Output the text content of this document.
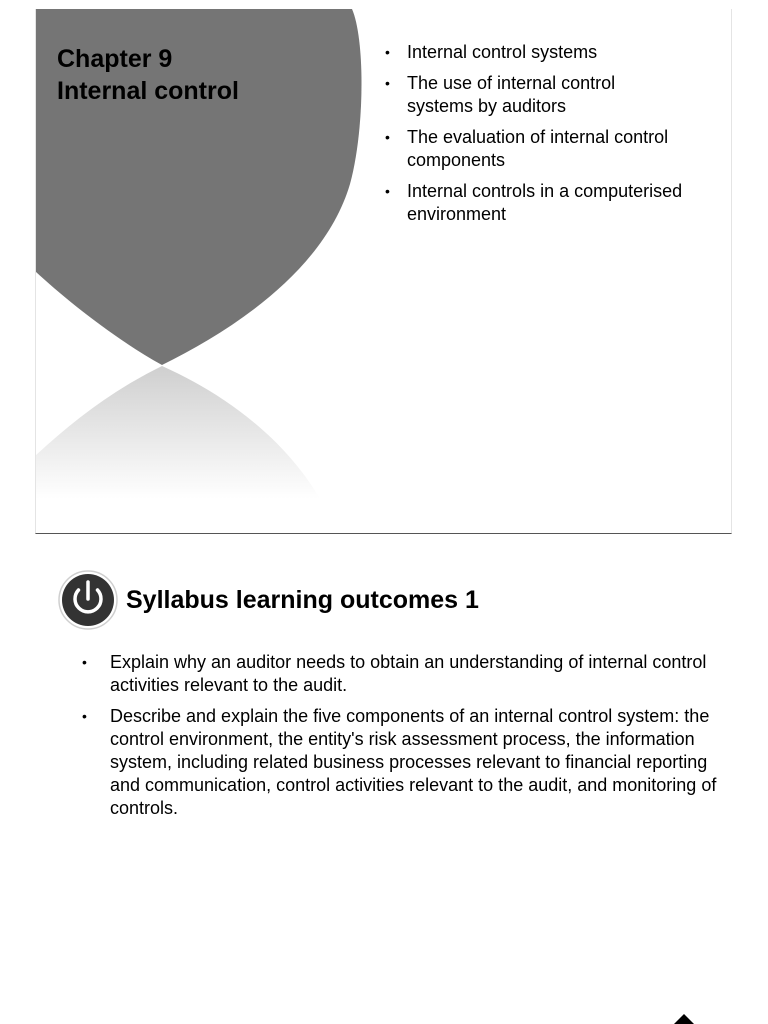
Chapter 9
Internal control
• Internal control systems
• The use of internal control systems by auditors
• The evaluation of internal control components
• Internal controls in a computerised environment
Syllabus learning outcomes 1
• Explain why an auditor needs to obtain an understanding of internal control activities relevant to the audit.
• Describe and explain the five components of an internal control system: the control environment, the entity's risk assessment process, the information system, including related business processes relevant to financial reporting and communication, control activities relevant to the audit, and monitoring of controls.
